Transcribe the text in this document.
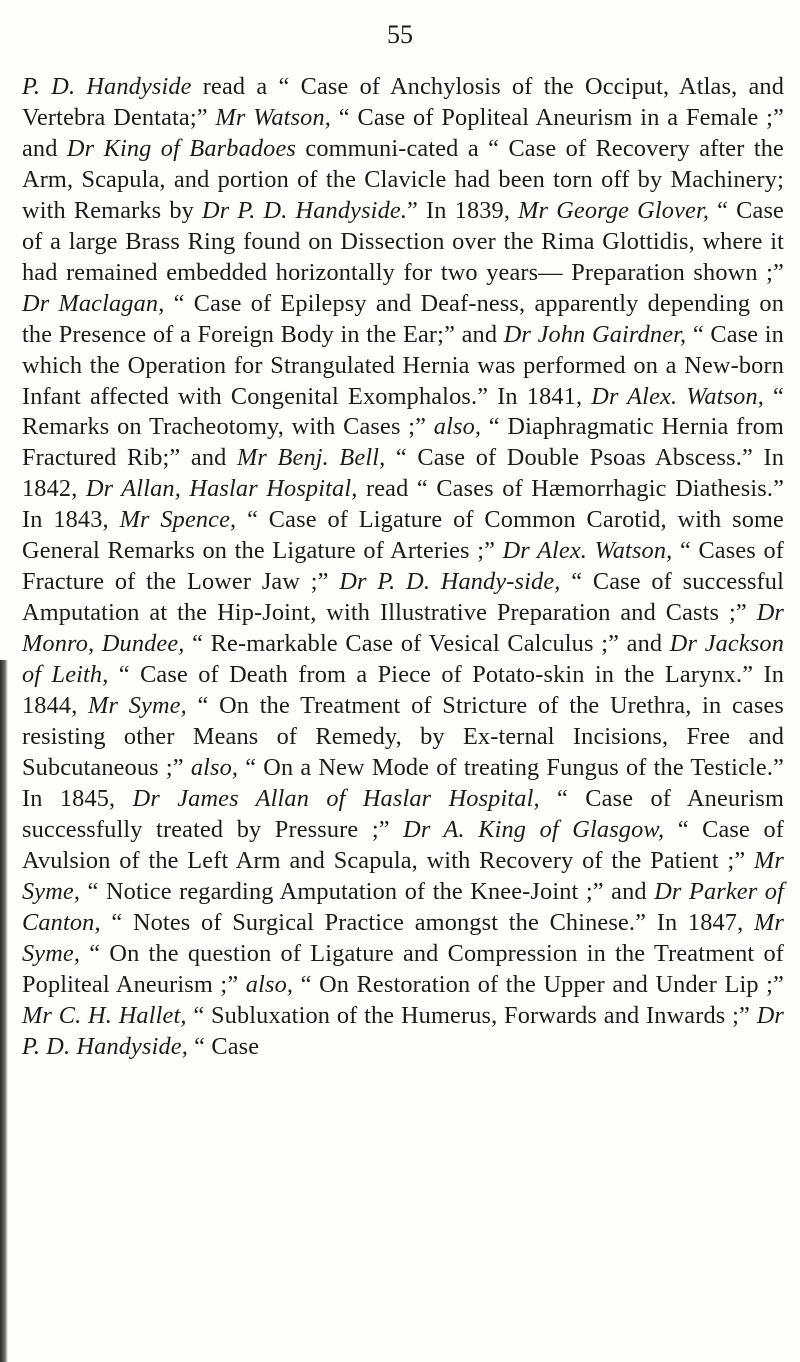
55

P. D. Handyside read a “ Case of Anchylosis of the Occiput, Atlas, and Vertebra Dentata;” Mr Watson, “ Case of Popliteal Aneurism in a Female ;” and Dr King of Barbadoes communi-cated a “ Case of Recovery after the Arm, Scapula, and portion of the Clavicle had been torn off by Machinery; with Remarks by Dr P. D. Handyside.” In 1839, Mr George Glover, “ Case of a large Brass Ring found on Dissection over the Rima Glottidis, where it had remained embedded horizontally for two years— Preparation shown ;” Dr Maclagan, “ Case of Epilepsy and Deaf-ness, apparently depending on the Presence of a Foreign Body in the Ear;” and Dr John Gairdner, “ Case in which the Operation for Strangulated Hernia was performed on a New-born Infant affected with Congenital Exomphalos.” In 1841, Dr Alex. Watson, “ Remarks on Tracheotomy, with Cases ;” also, “ Diaphragmatic Hernia from Fractured Rib;” and Mr Benj. Bell, “ Case of Double Psoas Abscess.” In 1842, Dr Allan, Haslar Hospital, read “ Cases of Hæmorrhagic Diathesis.” In 1843, Mr Spence, “ Case of Ligature of Common Carotid, with some General Remarks on the Ligature of Arteries ;” Dr Alex. Watson, “ Cases of Fracture of the Lower Jaw ;” Dr P. D. Handy-side, “ Case of successful Amputation at the Hip-Joint, with Illustrative Preparation and Casts ;” Dr Monro, Dundee, “ Re-markable Case of Vesical Calculus ;” and Dr Jackson of Leith, “ Case of Death from a Piece of Potato-skin in the Larynx.” In 1844, Mr Syme, “ On the Treatment of Stricture of the Urethra, in cases resisting other Means of Remedy, by Ex-ternal Incisions, Free and Subcutaneous ;” also, “ On a New Mode of treating Fungus of the Testicle.” In 1845, Dr James Allan of Haslar Hospital, “ Case of Aneurism successfully treated by Pressure ;” Dr A. King of Glasgow, “ Case of Avulsion of the Left Arm and Scapula, with Recovery of the Patient ;” Mr Syme, “ Notice regarding Amputation of the Knee-Joint ;” and Dr Parker of Canton, “ Notes of Surgical Practice amongst the Chinese.” In 1847, Mr Syme, “ On the question of Ligature and Compression in the Treatment of Popliteal Aneurism ;” also, “ On Restoration of the Upper and Under Lip ;” Mr C. H. Hallet, “ Subluxation of the Humerus, Forwards and Inwards ;” Dr P. D. Handyside, “ Case
